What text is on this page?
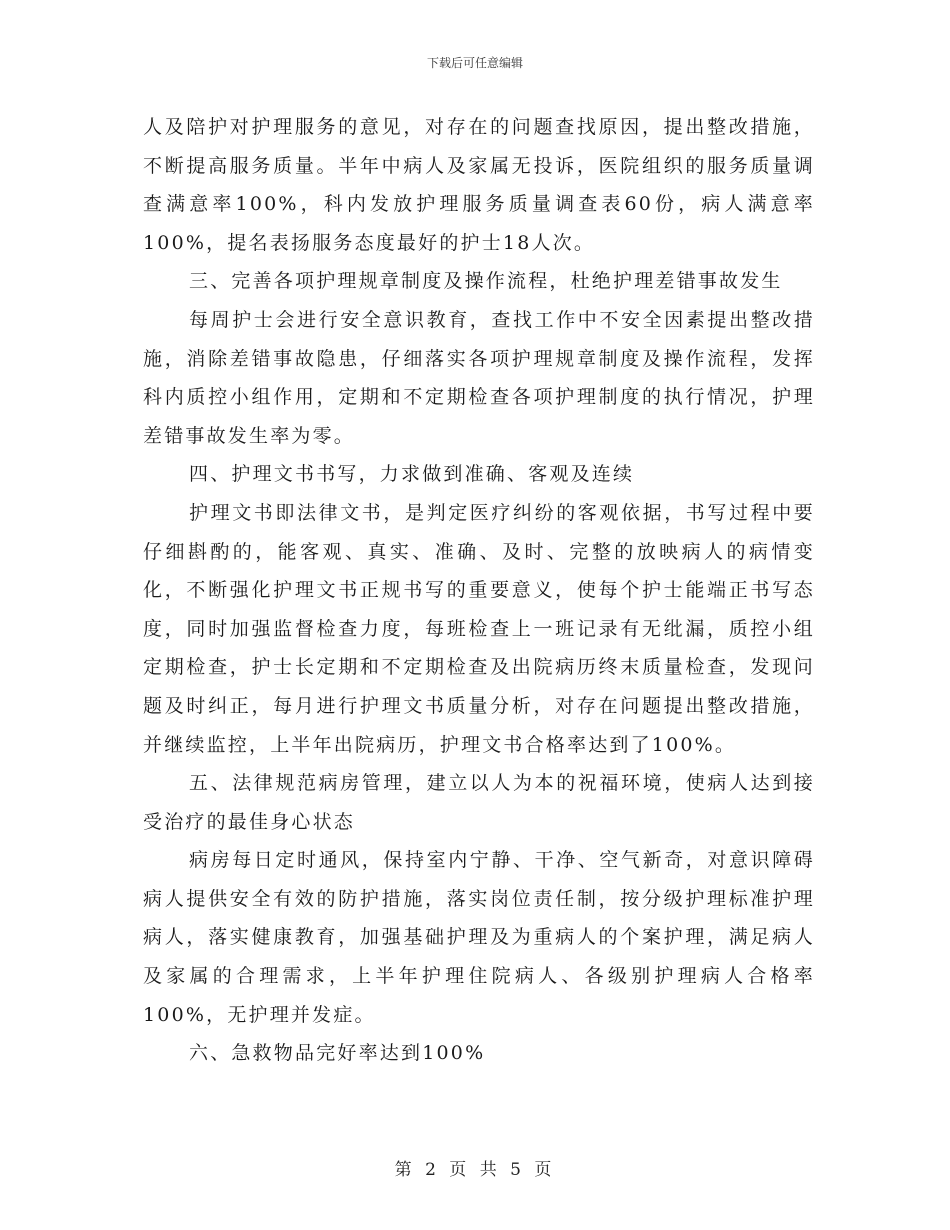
下载后可任意编辑

人及陪护对护理服务的意见，对存在的问题查找原因，提出整改措施，不断提高服务质量。半年中病人及家属无投诉，医院组织的服务质量调查满意率100%，科内发放护理服务质量调查表60份，病人满意率100%，提名表扬服务态度最好的护士18人次。

三、完善各项护理规章制度及操作流程，杜绝护理差错事故发生

每周护士会进行安全意识教育，查找工作中不安全因素提出整改措施，消除差错事故隐患，仔细落实各项护理规章制度及操作流程，发挥科内质控小组作用，定期和不定期检查各项护理制度的执行情况，护理差错事故发生率为零。

四、护理文书书写，力求做到准确、客观及连续

护理文书即法律文书，是判定医疗纠纷的客观依据，书写过程中要仔细斟酌的，能客观、真实、准确、及时、完整的放映病人的病情变化，不断强化护理文书正规书写的重要意义，使每个护士能端正书写态度，同时加强监督检查力度，每班检查上一班记录有无纰漏，质控小组定期检查，护士长定期和不定期检查及出院病历终末质量检查，发现问题及时纠正，每月进行护理文书质量分析，对存在问题提出整改措施，并继续监控，上半年出院病历，护理文书合格率达到了100%。

五、法律规范病房管理，建立以人为本的祝福环境，使病人达到接受治疗的最佳身心状态

病房每日定时通风，保持室内宁静、干净、空气新奇，对意识障碍病人提供安全有效的防护措施，落实岗位责任制，按分级护理标准护理病人，落实健康教育，加强基础护理及为重病人的个案护理，满足病人及家属的合理需求，上半年护理住院病人、各级别护理病人合格率100%，无护理并发症。

六、急救物品完好率达到100%

第 2 页 共 5 页
